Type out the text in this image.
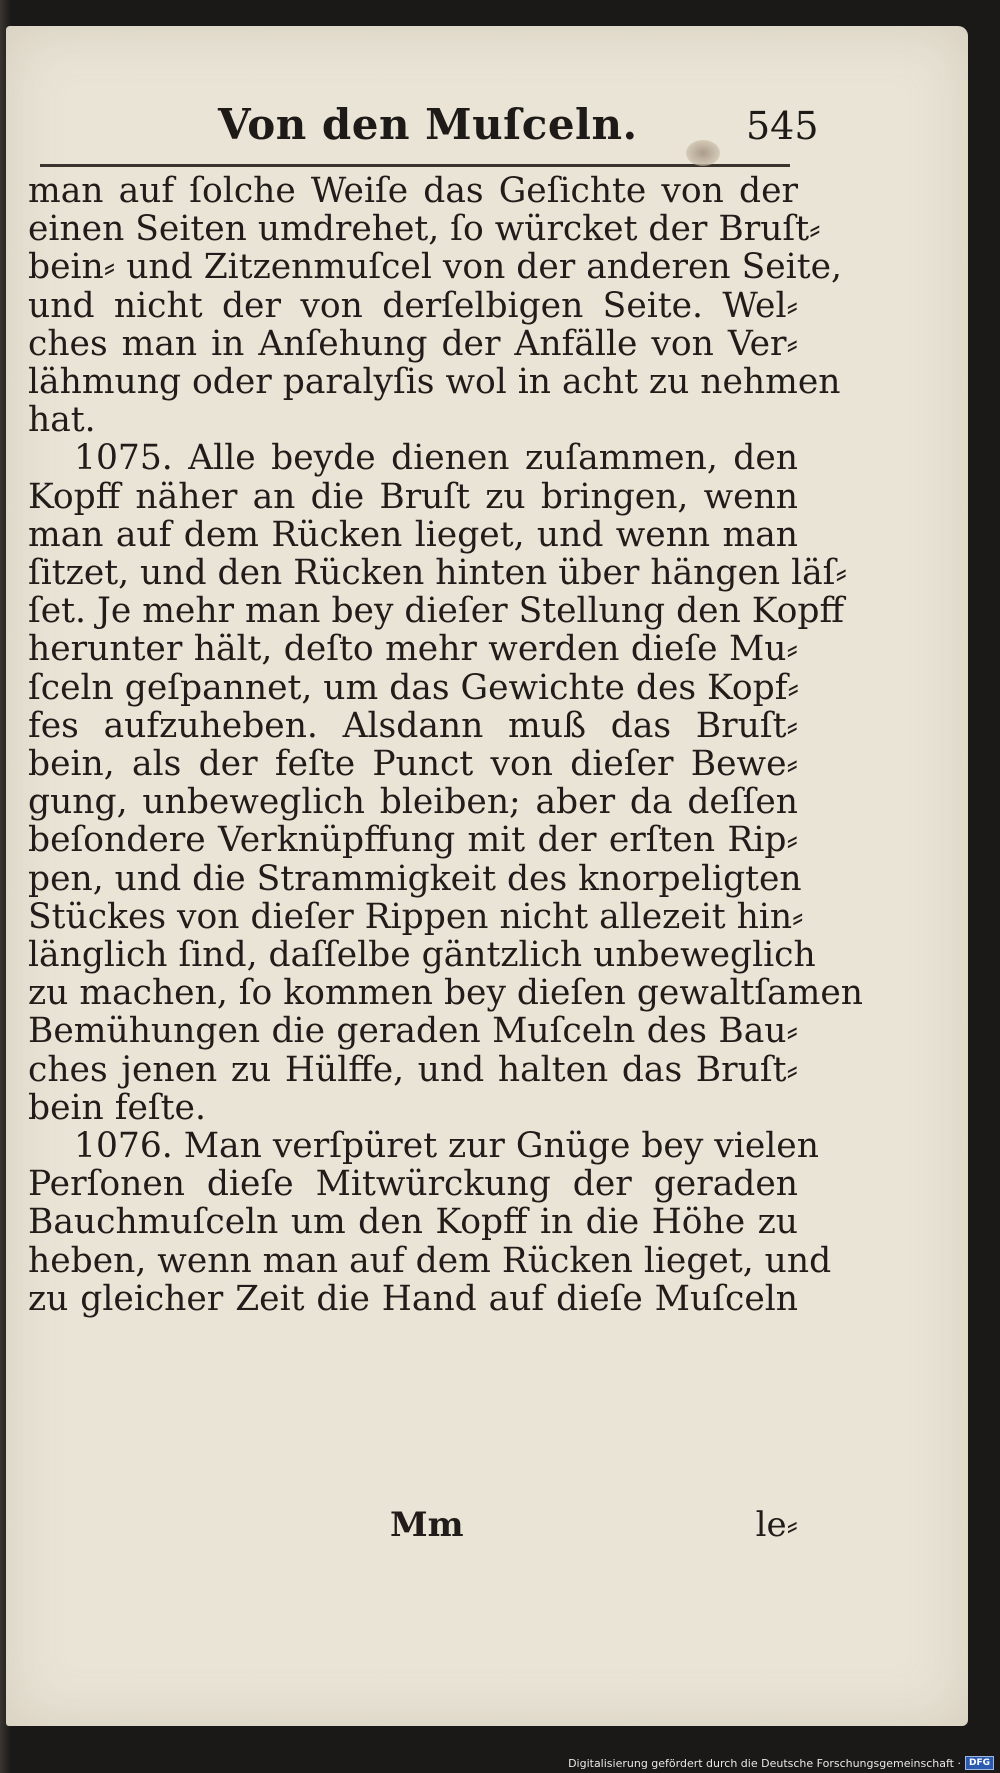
Von den Muſceln.	545
man auf ſolche Weiſe das Geſichte von der
einen Seiten umdrehet, ſo würcket der Bruſt⸗
bein⸗ und Zitzenmuſcel von der anderen Seite,
und nicht der von derſelbigen Seite. Wel⸗
ches man in Anſehung der Anfälle von Ver⸗
lähmung oder paralyſis wol in acht zu nehmen
hat.
1075. Alle beyde dienen zuſammen, den
Kopff näher an die Bruſt zu bringen, wenn
man auf dem Rücken lieget, und wenn man
ſitzet, und den Rücken hinten über hängen läſ⸗
ſet. Je mehr man bey dieſer Stellung den Kopff
herunter hält, deſto mehr werden dieſe Mu⸗
ſceln geſpannet, um das Gewichte des Kopf⸗
fes aufzuheben. Alsdann muß das Bruſt⸗
bein, als der feſte Punct von dieſer Bewe⸗
gung, unbeweglich bleiben; aber da deſſen
beſondere Verknüpffung mit der erſten Rip⸗
pen, und die Strammigkeit des knorpeligten
Stückes von dieſer Rippen nicht allezeit hin⸗
länglich ſind, daſſelbe gäntzlich unbeweglich
zu machen, ſo kommen bey dieſen gewaltſamen
Bemühungen die geraden Muſceln des Bau⸗
ches jenen zu Hülffe, und halten das Bruſt⸗
bein feſte.
1076. Man verſpüret zur Gnüge bey vielen
Perſonen dieſe Mitwürckung der geraden
Bauchmuſceln um den Kopff in die Höhe zu
heben, wenn man auf dem Rücken lieget, und
zu gleicher Zeit die Hand auf dieſe Muſceln
Mm	le⸗
Digitalisierung gefördert durch die Deutsche Forschungsgemeinschaft · DFG
